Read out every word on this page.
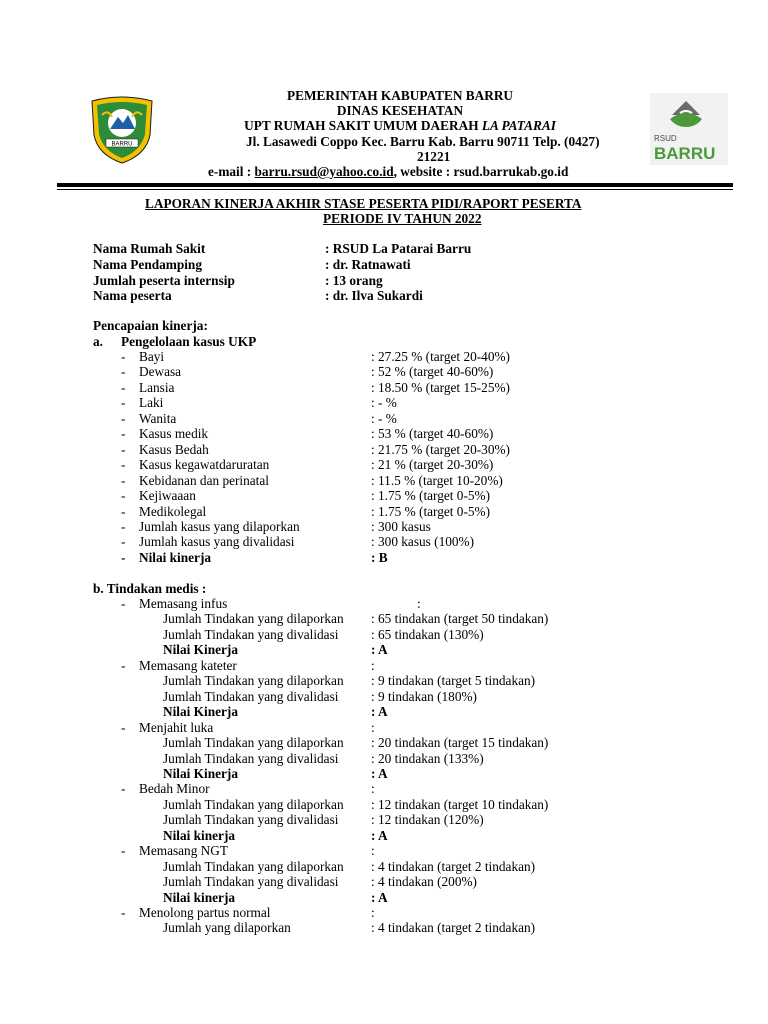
BARRU
RSUD
BARRU
PEMERINTAH KABUPATEN BARRU
DINAS KESEHATAN
UPT RUMAH SAKIT UMUM DAERAH LA PATARAI
Jl. Lasawedi Coppo Kec. Barru Kab. Barru 90711 Telp. (0427)
21221
e-mail : barru.rsud@yahoo.co.id, website : rsud.barrukab.go.id
LAPORAN KINERJA AKHIR STASE PESERTA PIDI/RAPORT PESERTA
PERIODE IV TAHUN 2022
Nama Rumah Sakit	: RSUD La Patarai Barru
Nama Pendamping	: dr. Ratnawati
Jumlah peserta internsip	: 13 orang
Nama peserta	: dr. Ilva Sukardi
Pencapaian kinerja:
a. Pengelolaan kasus UKP
- Bayi	: 27.25 % (target 20-40%)
- Dewasa	: 52 % (target 40-60%)
- Lansia	: 18.50 % (target 15-25%)
- Laki	: - %
- Wanita	: - %
- Kasus medik	: 53 % (target 40-60%)
- Kasus Bedah	: 21.75 % (target 20-30%)
- Kasus kegawatdaruratan	: 21 % (target 20-30%)
- Kebidanan dan perinatal	: 11.5 % (target 10-20%)
- Kejiwaaan	: 1.75 % (target 0-5%)
- Medikolegal	: 1.75 % (target 0-5%)
- Jumlah kasus yang dilaporkan	: 300 kasus
- Jumlah kasus yang divalidasi	: 300 kasus (100%)
- Nilai kinerja	: B
b. Tindakan medis :
- Memasang infus	:
Jumlah Tindakan yang dilaporkan : 65 tindakan (target 50 tindakan)
Jumlah Tindakan yang divalidasi : 65 tindakan (130%)
Nilai Kinerja	: A
- Memasang kateter	:
Jumlah Tindakan yang dilaporkan : 9 tindakan (target 5 tindakan)
Jumlah Tindakan yang divalidasi : 9 tindakan (180%)
Nilai Kinerja	: A
- Menjahit luka	:
Jumlah Tindakan yang dilaporkan : 20 tindakan (target 15 tindakan)
Jumlah Tindakan yang divalidasi : 20 tindakan (133%)
Nilai Kinerja	: A
- Bedah Minor	:
Jumlah Tindakan yang dilaporkan : 12 tindakan (target 10 tindakan)
Jumlah Tindakan yang divalidasi : 12 tindakan (120%)
Nilai kinerja	: A
- Memasang NGT	:
Jumlah Tindakan yang dilaporkan : 4 tindakan (target 2 tindakan)
Jumlah Tindakan yang divalidasi : 4 tindakan (200%)
Nilai kinerja	: A
- Menolong partus normal	:
Jumlah yang dilaporkan	: 4 tindakan (target 2 tindakan)
